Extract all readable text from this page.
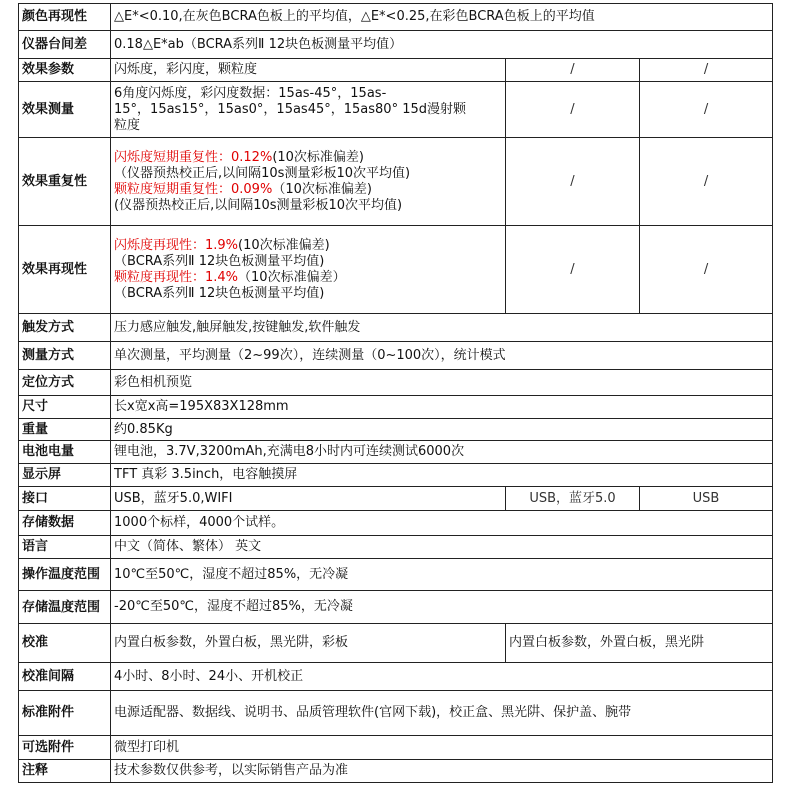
颜色再现性	△E*<0.10,在灰色BCRA色板上的平均值，△E*<0.25,在彩色BCRA色板上的平均值		
仪器台间差	0.18△E*ab（BCRA系列Ⅱ 12块色板测量平均值）		
效果参数	闪烁度，彩闪度，颗粒度	/	/
效果测量	6角度闪烁度，彩闪度数据：15as-45°，15as-
15°，15as15°，15as0°，15as45°，15as80° 15d漫射颗
粒度	/	/
效果重复性	闪烁度短期重复性：0.12%(10次标准偏差)
（仪器预热校正后,以间隔10s测量彩板10次平均值)
颗粒度短期重复性：0.09%（10次标准偏差)
(仪器预热校正后,以间隔10s测量彩板10次平均值)	/	/
效果再现性	闪烁度再现性：1.9%(10次标准偏差)
（BCRA系列Ⅱ 12块色板测量平均值)
颗粒度再现性：1.4%（10次标准偏差）
（BCRA系列Ⅱ 12块色板测量平均值)	/	/
触发方式	压力感应触发,触屏触发,按键触发,软件触发		
测量方式	单次测量，平均测量（2~99次），连续测量（0~100次），统计模式		
定位方式	彩色相机预览		
尺寸	长x宽x高=195X83X128mm		
重量	约0.85Kg		
电池电量	锂电池，3.7V,3200mAh,充满电8小时内可连续测试6000次		
显示屏	TFT 真彩 3.5inch，电容触摸屏		
接口	USB，蓝牙5.0,WIFI	USB，蓝牙5.0	USB
存储数据	1000个标样，4000个试样。		
语言	中文（简体、繁体） 英文		
操作温度范围	10℃至50℃，湿度不超过85%，无冷凝		
存储温度范围	-20℃至50℃，湿度不超过85%，无冷凝		
校准	内置白板参数，外置白板，黑光阱，彩板	内置白板参数，外置白板，黑光阱	
校准间隔	4小时、8小时、24小、开机校正		
标准附件	电源适配器、数据线、说明书、品质管理软件(官网下载)，校正盒、黑光阱、保护盖、腕带		
可选附件	微型打印机		
注释	技术参数仅供参考，以实际销售产品为准		
